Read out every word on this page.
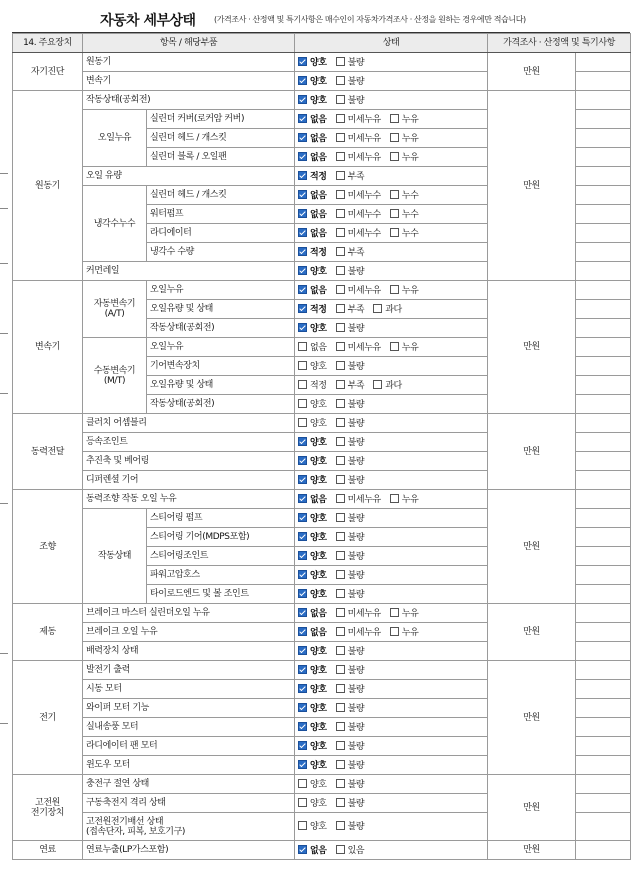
자동차 세부상태 (가격조사 · 산정액 및 특기사항은 매수인이 자동차가격조사 · 산정을 원하는 경우에만 적습니다)
14. 주요장치	항목 / 해당부품		상태	가격조사 · 산정액 및 특기사항	
자기진단	원동기		양호 불량	만원	
	변속기		양호 불량		
원동기	작동상태(공회전)		양호 불량	만원	
	오일누유	실린더 커버(로커암 커버)	없음 미세누유 누유		
		실린더 헤드 / 개스킷	없음 미세누유 누유		
		실린더 블록 / 오일팬	없음 미세누유 누유		
	오일 유량		적정 부족		
	냉각수누수	실린더 헤드 / 개스킷	없음 미세누수 누수		
		워터펌프	없음 미세누수 누수		
		라디에이터	없음 미세누수 누수		
		냉각수 수량	적정 부족		
	커먼레일		양호 불량		
변속기	자동변속기
(A/T)	오일누유	없음 미세누유 누유	만원	
		오일유량 및 상태	적정 부족 과다		
		작동상태(공회전)	양호 불량		
	수동변속기
(M/T)	오일누유	없음 미세누유 누유		
		기어변속장치	양호 불량		
		오일유량 및 상태	적정 부족 과다		
		작동상태(공회전)	양호 불량		
동력전달	클러치 어셈블리		양호 불량	만원	
	등속조인트		양호 불량		
	추진축 및 베어링		양호 불량		
	디퍼렌셜 기어		양호 불량		
조향	동력조향 작동 오일 누유		없음 미세누유 누유	만원	
	작동상태	스티어링 펌프	양호 불량		
		스티어링 기어(MDPS포함)	양호 불량		
		스티어링조인트	양호 불량		
		파워고압호스	양호 불량		
		타이로드엔드 및 볼 조인트	양호 불량		
제동	브레이크 마스터 실린더오일 누유		없음 미세누유 누유	만원	
	브레이크 오일 누유		없음 미세누유 누유		
	배력장치 상태		양호 불량		
전기	발전기 출력		양호 불량	만원	
	시동 모터		양호 불량		
	와이퍼 모터 기능		양호 불량		
	실내송풍 모터		양호 불량		
	라디에이터 팬 모터		양호 불량		
	윈도우 모터		양호 불량		
고전원
전기장치	충전구 절연 상태		양호 불량	만원	
	구동축전지 격리 상태		양호 불량		
	고전원전기배선 상태
(접속단자, 피복, 보호기구)		양호 불량		
연료	연료누출(LP가스포함)		없음 있음	만원	
